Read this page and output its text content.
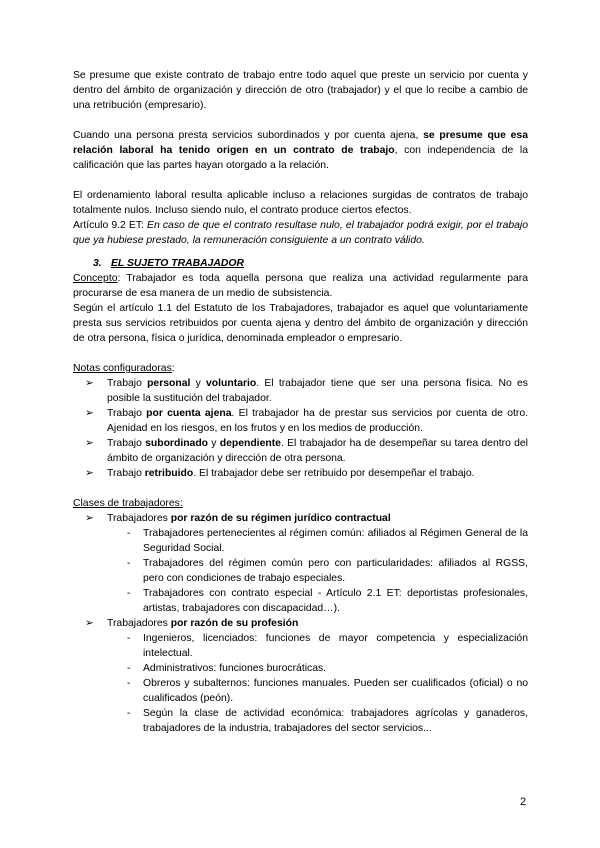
Se presume que existe contrato de trabajo entre todo aquel que preste un servicio por cuenta y dentro del ámbito de organización y dirección de otro (trabajador) y el que lo recibe a cambio de una retribución (empresario).

Cuando una persona presta servicios subordinados y por cuenta ajena, se presume que esa relación laboral ha tenido origen en un contrato de trabajo, con independencia de la calificación que las partes hayan otorgado a la relación.

El ordenamiento laboral resulta aplicable incluso a relaciones surgidas de contratos de trabajo totalmente nulos. Incluso siendo nulo, el contrato produce ciertos efectos.

Artículo 9.2 ET: En caso de que el contrato resultase nulo, el trabajador podrá exigir, por el trabajo que ya hubiese prestado, la remuneración consiguiente a un contrato válido.

3. EL SUJETO TRABAJADOR

Concepto: Trabajador es toda aquella persona que realiza una actividad regularmente para procurarse de esa manera de un medio de subsistencia.

Según el artículo 1.1 del Estatuto de los Trabajadores, trabajador es aquel que voluntariamente presta sus servicios retribuidos por cuenta ajena y dentro del ámbito de organización y dirección de otra persona, física o jurídica, denominada empleador o empresario.

Notas configuradoras:

➢ Trabajo personal y voluntario. El trabajador tiene que ser una persona física. No es posible la sustitución del trabajador.
➢ Trabajo por cuenta ajena. El trabajador ha de prestar sus servicios por cuenta de otro. Ajenidad en los riesgos, en los frutos y en los medios de producción.
➢ Trabajo subordinado y dependiente. El trabajador ha de desempeñar su tarea dentro del ámbito de organización y dirección de otra persona.
➢ Trabajo retribuido. El trabajador debe ser retribuido por desempeñar el trabajo.

Clases de trabajadores:

➢ Trabajadores por razón de su régimen jurídico contractual
- Trabajadores pertenecientes al régimen común: afiliados al Régimen General de la Seguridad Social.
- Trabajadores del régimen común pero con particularidades: afiliados al RGSS, pero con condiciones de trabajo especiales.
- Trabajadores con contrato especial - Artículo 2.1 ET: deportistas profesionales, artistas, trabajadores con discapacidad…).
➢ Trabajadores por razón de su profesión
- Ingenieros, licenciados: funciones de mayor competencia y especialización intelectual.
- Administrativos: funciones burocráticas.
- Obreros y subalternos: funciones manuales. Pueden ser cualificados (oficial) o no cualificados (peón).
- Según la clase de actividad económica: trabajadores agrícolas y ganaderos, trabajadores de la industria, trabajadores del sector servicios...
2
